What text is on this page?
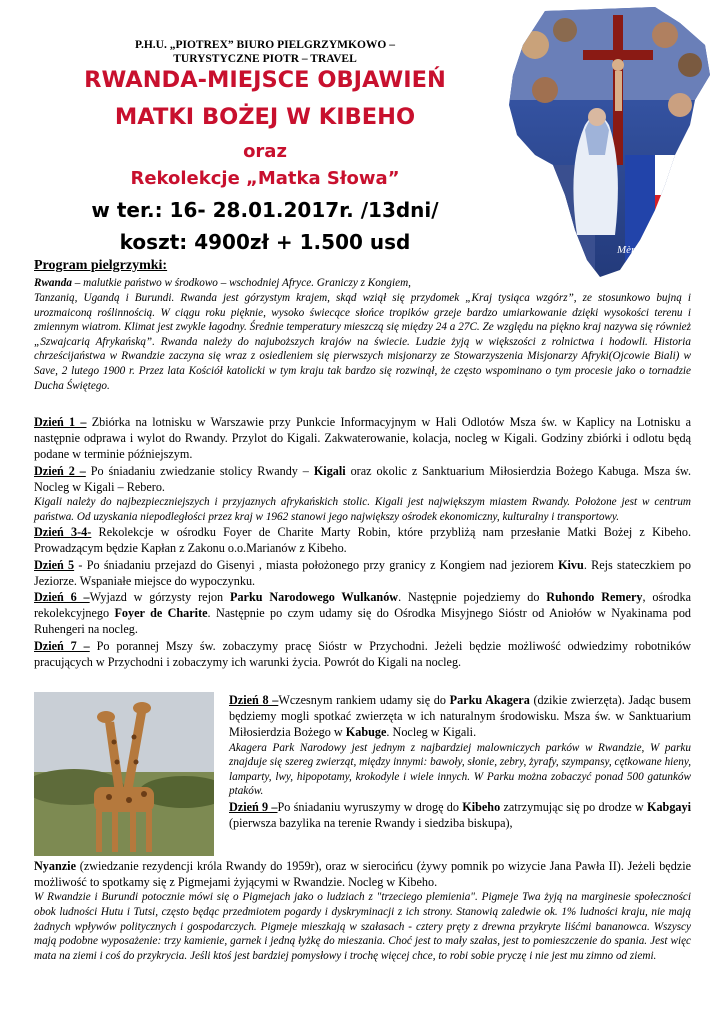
P.H.U. „PIOTREX” BIURO PIELGRZYMKOWO –
TURYSTYCZNE PIOTR – TRAVEL
RWANDA-MIEJSCE OBJAWIEŃ
MATKI BOŻEJ W KIBEHO
oraz
Rekolekcje „Matka Słowa”
w ter.: 16- 28.01.2017r. /13dni/
koszt: 4900zł + 1.500 usd	Mère du Verbe
Program pielgrzymki:
Rwanda – malutkie państwo w środkowo – wschodniej Afryce. Graniczy z Kongiem,
Tanzanią, Ugandą i Burundi. Rwanda jest górzystym krajem, skąd wziął się przydomek „Kraj tysiąca wzgórz”, ze stosunkowo bujną i urozmaiconą roślinnością. W ciągu roku pięknie, wysoko świecące słońce tropików grzeje bardzo umiarkowanie dzięki wysokości terenu i zmiennym wiatrom. Klimat jest zwykle łagodny. Średnie temperatury mieszczą się między 24 a 27C. Ze względu na piękno kraj nazywa się również „Szwajcarią Afrykańską”. Rwanda należy do najuboższych krajów na świecie. Ludzie żyją w większości z rolnictwa i hodowli. Historia chrześcijaństwa w Rwandzie zaczyna się wraz z osiedleniem się pierwszych misjonarzy ze Stowarzyszenia Misjonarzy Afryki(Ojcowie Biali) w Save, 2 lutego 1900 r. Przez lata Kościół katolicki w tym kraju tak bardzo się rozwinął, że często wspominano o tym procesie jako o tornadzie Ducha Świętego.

Dzień 1 – Zbiórka na lotnisku w Warszawie przy Punkcie Informacyjnym w Hali Odlotów Msza św. w Kaplicy na Lotnisku a następnie odprawa i wylot do Rwandy. Przylot do Kigali. Zakwaterowanie, kolacja, nocleg w Kigali. Godziny zbiórki i odlotu będą podane w terminie późniejszym.

Dzień 2 – Po śniadaniu zwiedzanie stolicy Rwandy – Kigali oraz okolic z Sanktuarium Miłosierdzia Bożego Kabuga. Msza św. Nocleg w Kigali – Rebero.

Kigali należy do najbezpieczniejszych i przyjaznych afrykańskich stolic. Kigali jest największym miastem Rwandy. Położone jest w centrum państwa. Od uzyskania niepodległości przez kraj w 1962 stanowi jego największy ośrodek ekonomiczny, kulturalny i transportowy.

Dzień 3-4- Rekolekcje w ośrodku Foyer de Charite Marty Robin, które przybliżą nam przesłanie Matki Bożej z Kibeho. Prowadzącym będzie Kapłan z Zakonu o.o.Marianów z Kibeho.

Dzień 5 - Po śniadaniu przejazd do Gisenyi , miasta położonego przy granicy z Kongiem nad jeziorem Kivu. Rejs stateczkiem po Jeziorze. Wspaniałe miejsce do wypoczynku.

Dzień 6 –Wyjazd w górzysty rejon Parku Narodowego Wulkanów. Następnie pojedziemy do Ruhondo Remery, ośrodka rekolekcyjnego Foyer de Charite. Następnie po czym udamy się do Ośrodka Misyjnego Sióstr od Aniołów w Nyakinama pod Ruhengeri na nocleg.

Dzień 7 – Po porannej Mszy św. zobaczymy pracę Sióstr w Przychodni. Jeżeli będzie możliwość odwiedzimy robotników pracujących w Przychodni i zobaczymy ich warunki życia. Powrót do Kigali na nocleg.

Dzień 8 –Wczesnym rankiem udamy się do Parku Akagera (dzikie zwierzęta). Jadąc busem będziemy mogli spotkać zwierzęta w ich naturalnym środowisku. Msza św. w Sanktuarium Miłosierdzia Bożego w Kabuge. Nocleg w Kigali.

Akagera Park Narodowy jest jednym z najbardziej malowniczych parków w Rwandzie, W parku znajduje się szereg zwierząt, między innymi: bawoły, słonie, zebry, żyrafy, szympansy, cętkowane hieny, lamparty, lwy, hipopotamy, krokodyle i wiele innych. W Parku można zobaczyć ponad 500 gatunków ptaków.

Dzień 9 –Po śniadaniu wyruszymy w drogę do Kibeho zatrzymując się po drodze w Kabgayi (pierwsza bazylika na terenie Rwandy i siedziba biskupa),

Nyanzie (zwiedzanie rezydencji króla Rwandy do 1959r), oraz w sierocińcu (żywy pomnik po wizycie Jana Pawła II). Jeżeli będzie możliwość to spotkamy się z Pigmejami żyjącymi w Rwandzie. Nocleg w Kibeho.

W Rwandzie i Burundi potocznie mówi się o Pigmejach jako o ludziach z "trzeciego plemienia". Pigmeje Twa żyją na marginesie społeczności obok ludności Hutu i Tutsi, często będąc przedmiotem pogardy i dyskryminacji z ich strony. Stanowią zaledwie ok. 1% ludności kraju, nie mają żadnych wpływów politycznych i gospodarczych. Pigmeje mieszkają w szałasach - cztery pręty z drewna przykryte liśćmi bananowca. Wszyscy mają podobne wyposażenie: trzy kamienie, garnek i jedną łyżkę do mieszania. Choć jest to mały szałas, jest to pomieszczenie do spania. Jest więc mata na ziemi i coś do przykrycia. Jeśli ktoś jest bardziej pomysłowy i trochę więcej chce, to robi sobie pryczę i nie jest mu zimno od ziemi.
